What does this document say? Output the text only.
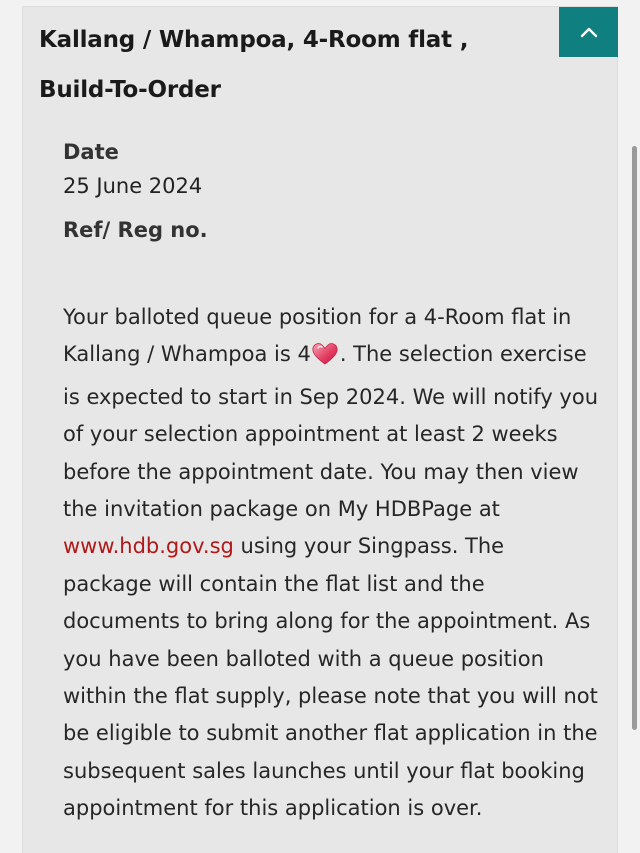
Kallang / Whampoa, 4-Room flat ,
Build-To-Order
Date
25 June 2024
Ref/ Reg no.
Your balloted queue position for a 4-Room flat in Kallang / Whampoa is 4 . The selection exercise is expected to start in Sep 2024. We will notify you of your selection appointment at least 2 weeks before the appointment date. You may then view the invitation package on My HDBPage at www.hdb.gov.sg using your Singpass. The package will contain the flat list and the documents to bring along for the appointment. As you have been balloted with a queue position within the flat supply, please note that you will not be eligible to submit another flat application in the subsequent sales launches until your flat booking appointment for this application is over.
